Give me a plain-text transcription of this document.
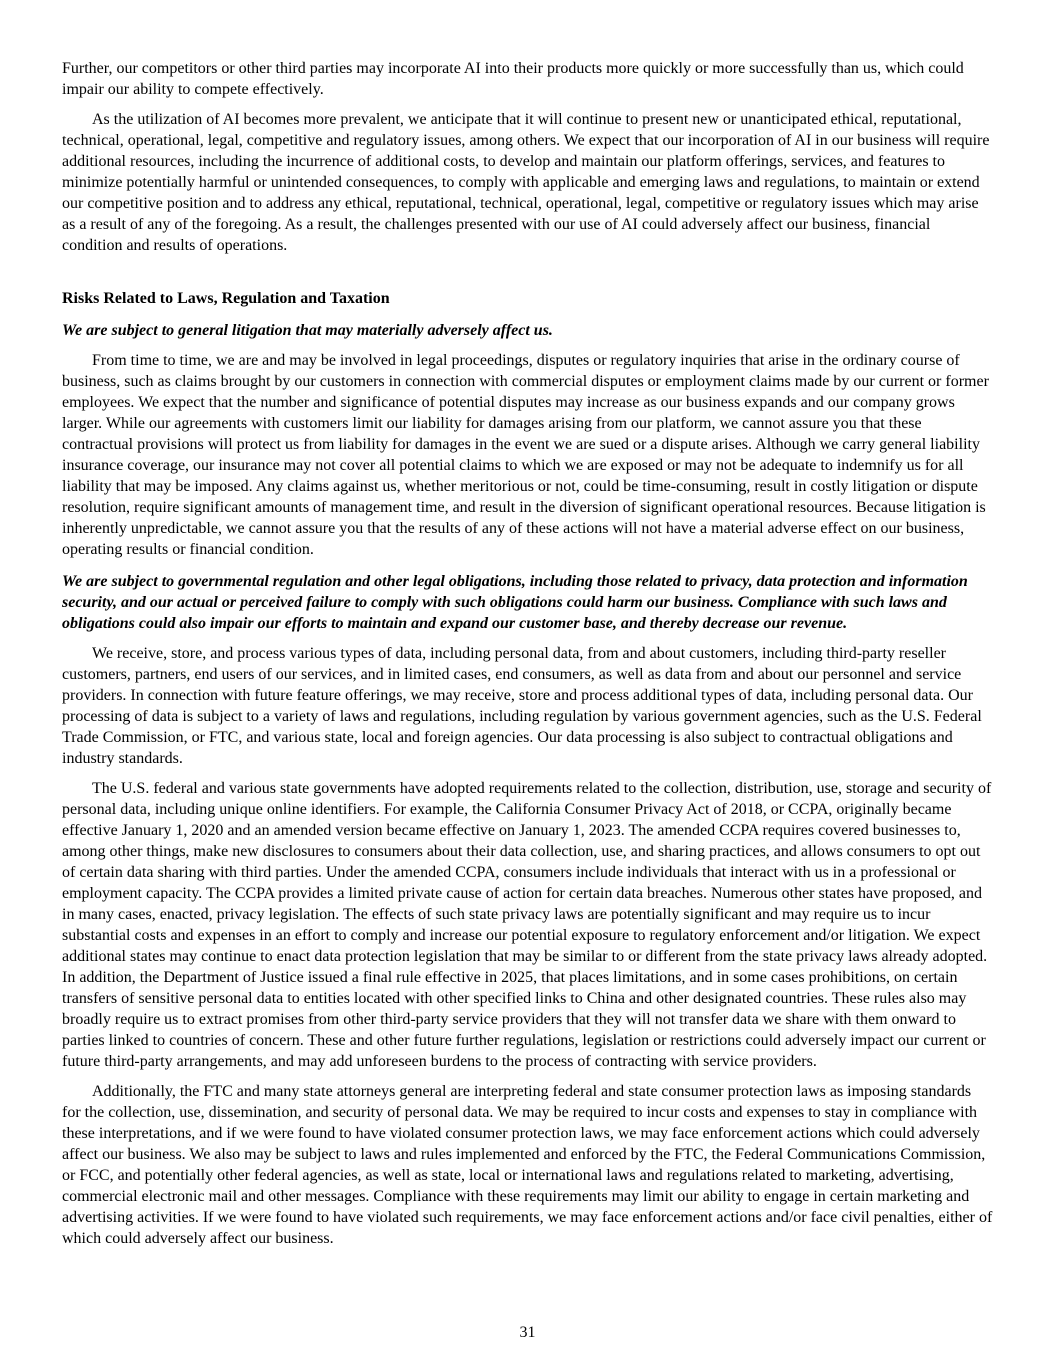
Further, our competitors or other third parties may incorporate AI into their products more quickly or more successfully than us, which could impair our ability to compete effectively.

As the utilization of AI becomes more prevalent, we anticipate that it will continue to present new or unanticipated ethical, reputational, technical, operational, legal, competitive and regulatory issues, among others. We expect that our incorporation of AI in our business will require additional resources, including the incurrence of additional costs, to develop and maintain our platform offerings, services, and features to minimize potentially harmful or unintended consequences, to comply with applicable and emerging laws and regulations, to maintain or extend our competitive position and to address any ethical, reputational, technical, operational, legal, competitive or regulatory issues which may arise as a result of any of the foregoing. As a result, the challenges presented with our use of AI could adversely affect our business, financial condition and results of operations.

Risks Related to Laws, Regulation and Taxation
We are subject to general litigation that may materially adversely affect us.

From time to time, we are and may be involved in legal proceedings, disputes or regulatory inquiries that arise in the ordinary course of business, such as claims brought by our customers in connection with commercial disputes or employment claims made by our current or former employees. We expect that the number and significance of potential disputes may increase as our business expands and our company grows larger. While our agreements with customers limit our liability for damages arising from our platform, we cannot assure you that these contractual provisions will protect us from liability for damages in the event we are sued or a dispute arises. Although we carry general liability insurance coverage, our insurance may not cover all potential claims to which we are exposed or may not be adequate to indemnify us for all liability that may be imposed. Any claims against us, whether meritorious or not, could be time-consuming, result in costly litigation or dispute resolution, require significant amounts of management time, and result in the diversion of significant operational resources. Because litigation is inherently unpredictable, we cannot assure you that the results of any of these actions will not have a material adverse effect on our business, operating results or financial condition.

We are subject to governmental regulation and other legal obligations, including those related to privacy, data protection and information security, and our actual or perceived failure to comply with such obligations could harm our business. Compliance with such laws and obligations could also impair our efforts to maintain and expand our customer base, and thereby decrease our revenue.

We receive, store, and process various types of data, including personal data, from and about customers, including third-party reseller customers, partners, end users of our services, and in limited cases, end consumers, as well as data from and about our personnel and service providers. In connection with future feature offerings, we may receive, store and process additional types of data, including personal data. Our processing of data is subject to a variety of laws and regulations, including regulation by various government agencies, such as the U.S. Federal Trade Commission, or FTC, and various state, local and foreign agencies. Our data processing is also subject to contractual obligations and industry standards.

The U.S. federal and various state governments have adopted requirements related to the collection, distribution, use, storage and security of personal data, including unique online identifiers. For example, the California Consumer Privacy Act of 2018, or CCPA, originally became effective January 1, 2020 and an amended version became effective on January 1, 2023. The amended CCPA requires covered businesses to, among other things, make new disclosures to consumers about their data collection, use, and sharing practices, and allows consumers to opt out of certain data sharing with third parties. Under the amended CCPA, consumers include individuals that interact with us in a professional or employment capacity. The CCPA provides a limited private cause of action for certain data breaches. Numerous other states have proposed, and in many cases, enacted, privacy legislation. The effects of such state privacy laws are potentially significant and may require us to incur substantial costs and expenses in an effort to comply and increase our potential exposure to regulatory enforcement and/or litigation. We expect additional states may continue to enact data protection legislation that may be similar to or different from the state privacy laws already adopted. In addition, the Department of Justice issued a final rule effective in 2025, that places limitations, and in some cases prohibitions, on certain transfers of sensitive personal data to entities located with other specified links to China and other designated countries. These rules also may broadly require us to extract promises from other third-party service providers that they will not transfer data we share with them onward to parties linked to countries of concern. These and other future further regulations, legislation or restrictions could adversely impact our current or future third-party arrangements, and may add unforeseen burdens to the process of contracting with service providers.

Additionally, the FTC and many state attorneys general are interpreting federal and state consumer protection laws as imposing standards for the collection, use, dissemination, and security of personal data. We may be required to incur costs and expenses to stay in compliance with these interpretations, and if we were found to have violated consumer protection laws, we may face enforcement actions which could adversely affect our business. We also may be subject to laws and rules implemented and enforced by the FTC, the Federal Communications Commission, or FCC, and potentially other federal agencies, as well as state, local or international laws and regulations related to marketing, advertising, commercial electronic mail and other messages. Compliance with these requirements may limit our ability to engage in certain marketing and advertising activities. If we were found to have violated such requirements, we may face enforcement actions and/or face civil penalties, either of which could adversely affect our business.

31
